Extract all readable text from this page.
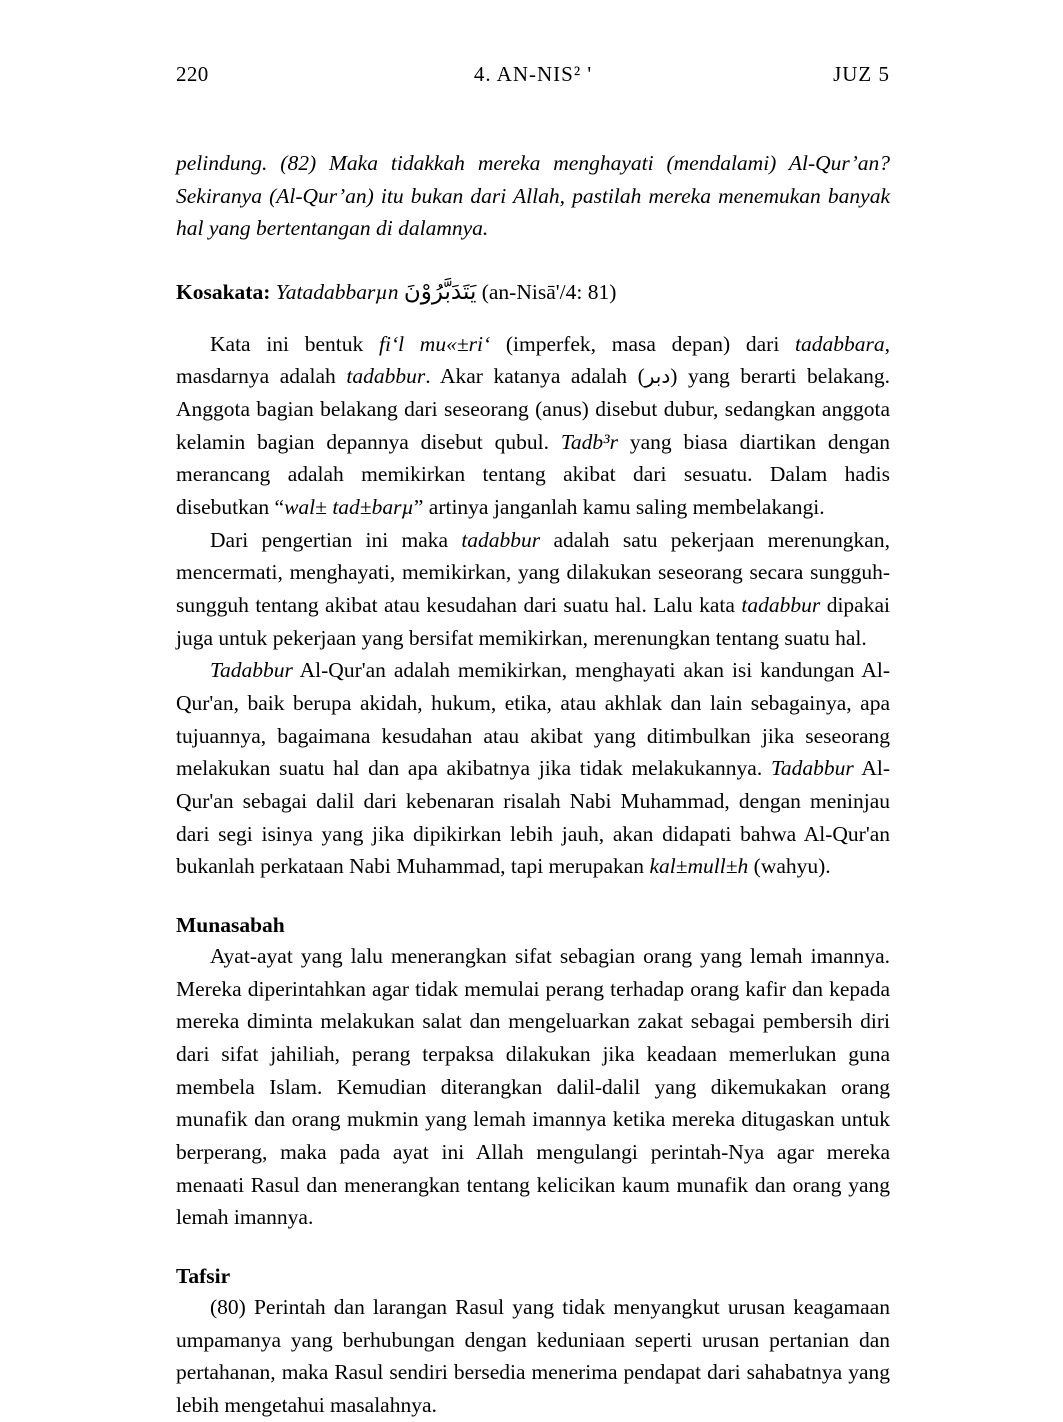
220	4. AN-NIS² '	JUZ 5

pelindung. (82) Maka tidakkah mereka menghayati (mendalami) Al-Qur’an? Sekiranya (Al-Qur’an) itu bukan dari Allah, pastilah mereka menemukan banyak hal yang bertentangan di dalamnya.

Kosakata: Yatadabbarµn يَتَدَبَّرُوْنَ (an-Nisā'/4: 81)

Kata ini bentuk fi‘l mu«±ri‘ (imperfek, masa depan) dari tadabbara, masdarnya adalah tadabbur. Akar katanya adalah (دبر) yang berarti belakang. Anggota bagian belakang dari seseorang (anus) disebut dubur, sedangkan anggota kelamin bagian depannya disebut qubul. Tadb³r yang biasa diartikan dengan merancang adalah memikirkan tentang akibat dari sesuatu. Dalam hadis disebutkan “wal± tad±barµ” artinya janganlah kamu saling membelakangi.

Dari pengertian ini maka tadabbur adalah satu pekerjaan merenungkan, mencermati, menghayati, memikirkan, yang dilakukan seseorang secara sungguh-sungguh tentang akibat atau kesudahan dari suatu hal. Lalu kata tadabbur dipakai juga untuk pekerjaan yang bersifat memikirkan, merenungkan tentang suatu hal.

Tadabbur Al-Qur'an adalah memikirkan, menghayati akan isi kandungan Al-Qur'an, baik berupa akidah, hukum, etika, atau akhlak dan lain sebagainya, apa tujuannya, bagaimana kesudahan atau akibat yang ditimbulkan jika seseorang melakukan suatu hal dan apa akibatnya jika tidak melakukannya. Tadabbur Al-Qur'an sebagai dalil dari kebenaran risalah Nabi Muhammad, dengan meninjau dari segi isinya yang jika dipikirkan lebih jauh, akan didapati bahwa Al-Qur'an bukanlah perkataan Nabi Muhammad, tapi merupakan kal±mull±h (wahyu).

Munasabah

Ayat-ayat yang lalu menerangkan sifat sebagian orang yang lemah imannya. Mereka diperintahkan agar tidak memulai perang terhadap orang kafir dan kepada mereka diminta melakukan salat dan mengeluarkan zakat sebagai pembersih diri dari sifat jahiliah, perang terpaksa dilakukan jika keadaan memerlukan guna membela Islam. Kemudian diterangkan dalil-dalil yang dikemukakan orang munafik dan orang mukmin yang lemah imannya ketika mereka ditugaskan untuk berperang, maka pada ayat ini Allah mengulangi perintah-Nya agar mereka menaati Rasul dan menerangkan tentang kelicikan kaum munafik dan orang yang lemah imannya.

Tafsir

(80) Perintah dan larangan Rasul yang tidak menyangkut urusan keagamaan umpamanya yang berhubungan dengan keduniaan seperti urusan pertanian dan pertahanan, maka Rasul sendiri bersedia menerima pendapat dari sahabatnya yang lebih mengetahui masalahnya.
